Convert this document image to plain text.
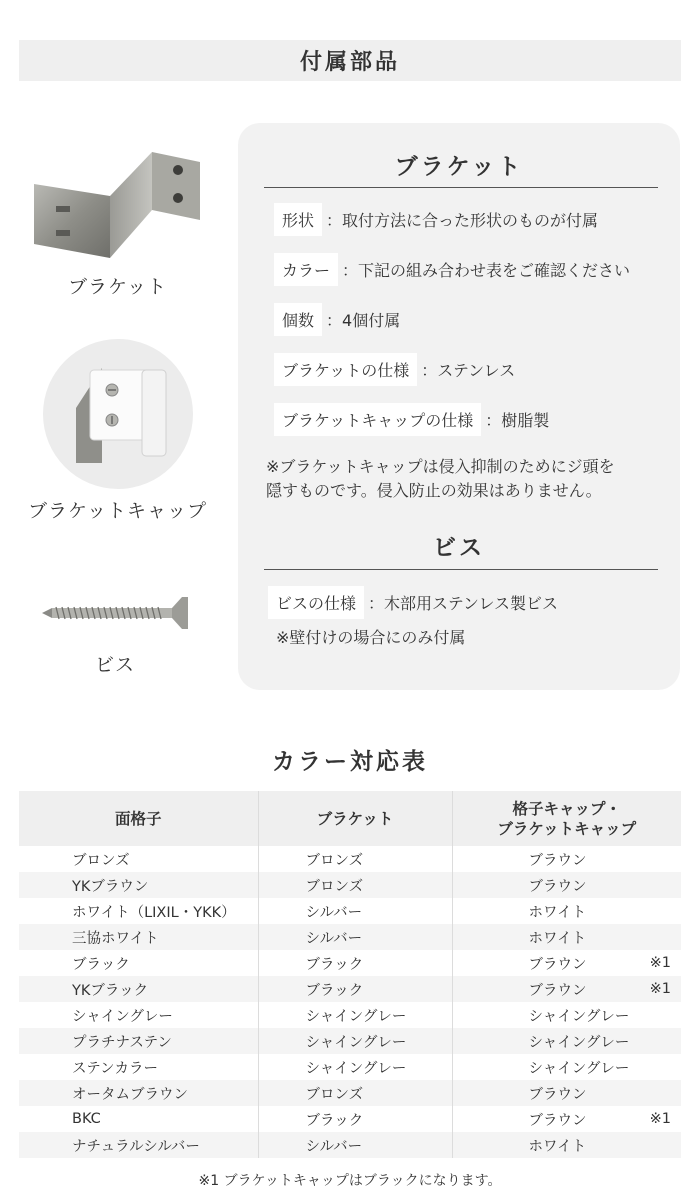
付属部品
ブラケット
ブラケットキャップ
ビス
ブラケット
形状 ：取付方法に合った形状のものが付属
カラー ：下記の組み合わせ表をご確認ください
個数 ：4個付属
ブラケットの仕様 ：ステンレス
ブラケットキャップの仕様 ：樹脂製
※ブラケットキャップは侵入抑制のためにジ頭を
隠すものです。侵入防止の効果はありません。
ビス
ビスの仕様 ：木部用ステンレス製ビス
※壁付けの場合にのみ付属
カラー対応表
面格子	ブラケット	格子キャップ・
ブラケットキャップ

ブロンズ	ブロンズ	ブラウン

YKブラウン	ブロンズ	ブラウン

ホワイト（LIXIL・YKK）	シルバー	ホワイト

三協ホワイト	シルバー	ホワイト

ブラック	ブラック	ブラウン ※1

YKブラック	ブラック	ブラウン ※1

シャイングレー	シャイングレー	シャイングレー

プラチナステン	シャイングレー	シャイングレー

ステンカラー	シャイングレー	シャイングレー

オータムブラウン	ブロンズ	ブラウン

BKC	ブラック	ブラウン ※1

ナチュラルシルバー	シルバー	ホワイト
※1 ブラケットキャップはブラックになります。
